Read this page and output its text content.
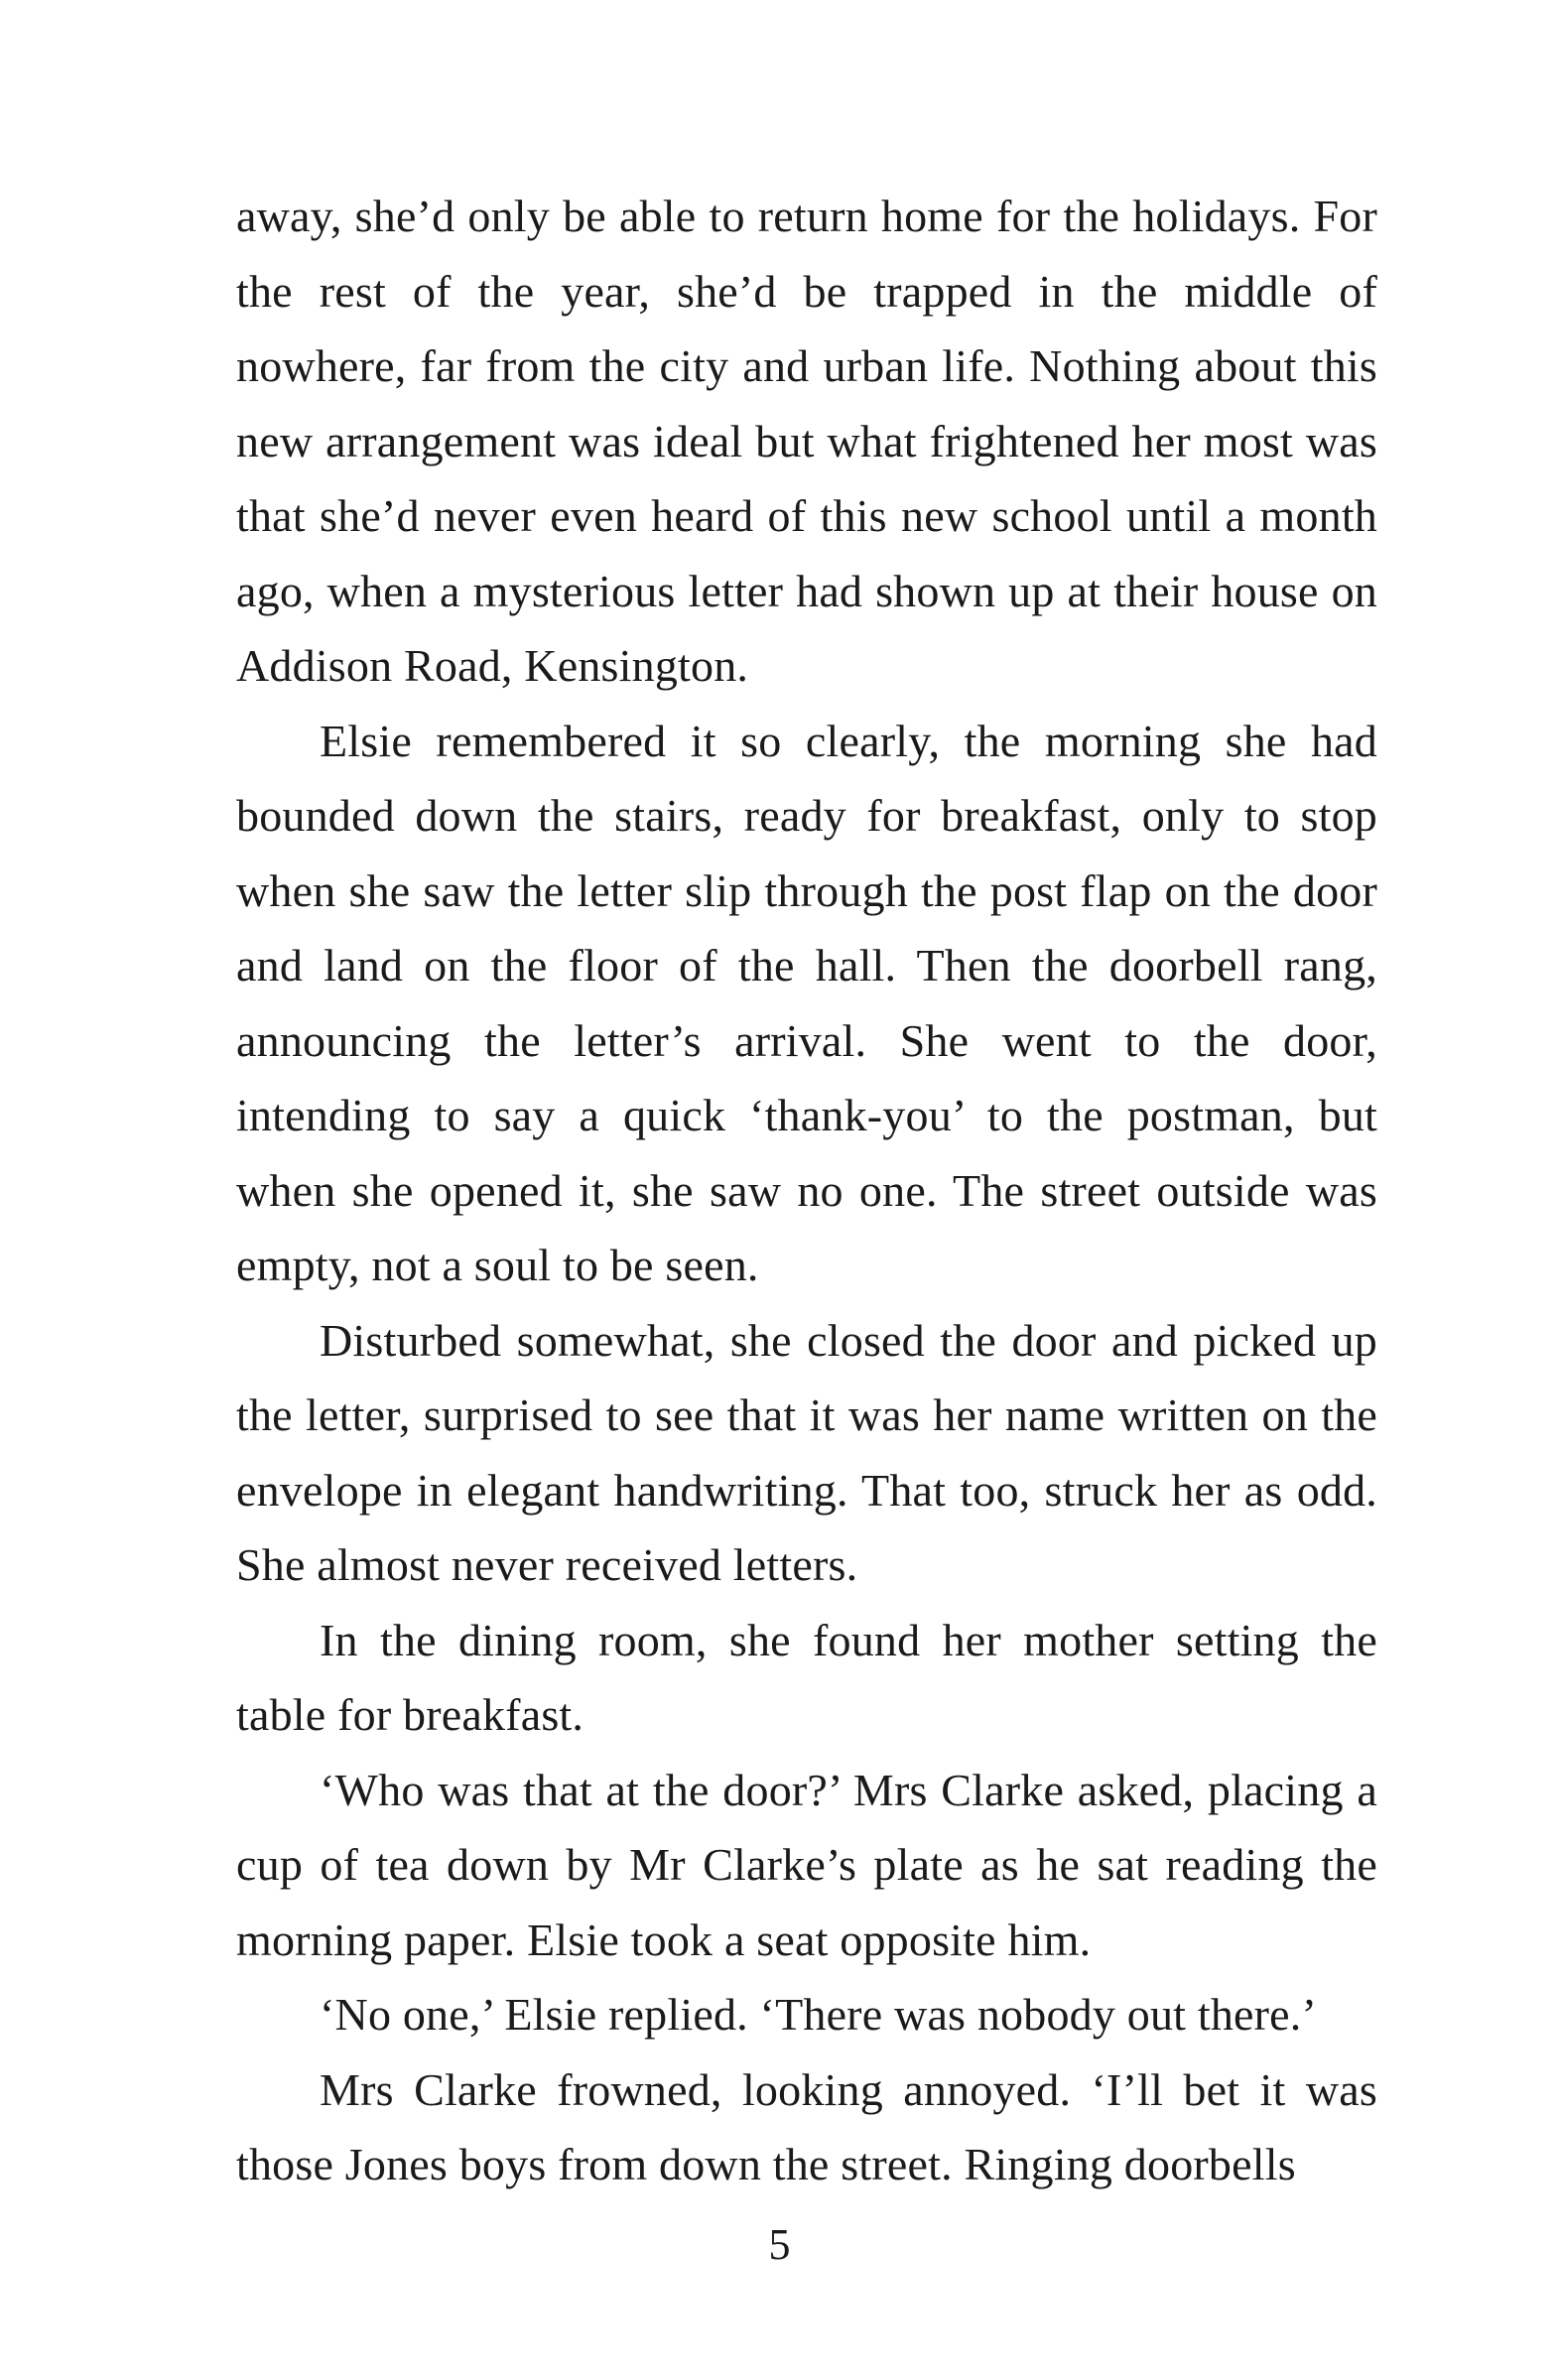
away, she’d only be able to return home for the holidays. For the rest of the year, she’d be trapped in the middle of nowhere, far from the city and urban life. Nothing about this new arrangement was ideal but what frightened her most was that she’d never even heard of this new school until a month ago, when a mysterious letter had shown up at their house on Addison Road, Kensington.

Elsie remembered it so clearly, the morning she had bounded down the stairs, ready for breakfast, only to stop when she saw the letter slip through the post flap on the door and land on the floor of the hall. Then the doorbell rang, announcing the letter’s arrival. She went to the door, intending to say a quick ‘thank-you’ to the postman, but when she opened it, she saw no one. The street outside was empty, not a soul to be seen.

Disturbed somewhat, she closed the door and picked up the letter, surprised to see that it was her name written on the envelope in elegant handwriting. That too, struck her as odd. She almost never received letters.

In the dining room, she found her mother setting the table for breakfast.

‘Who was that at the door?’ Mrs Clarke asked, placing a cup of tea down by Mr Clarke’s plate as he sat reading the morning paper. Elsie took a seat opposite him.

‘No one,’ Elsie replied. ‘There was nobody out there.’

Mrs Clarke frowned, looking annoyed. ‘I’ll bet it was those Jones boys from down the street. Ringing doorbells

5
